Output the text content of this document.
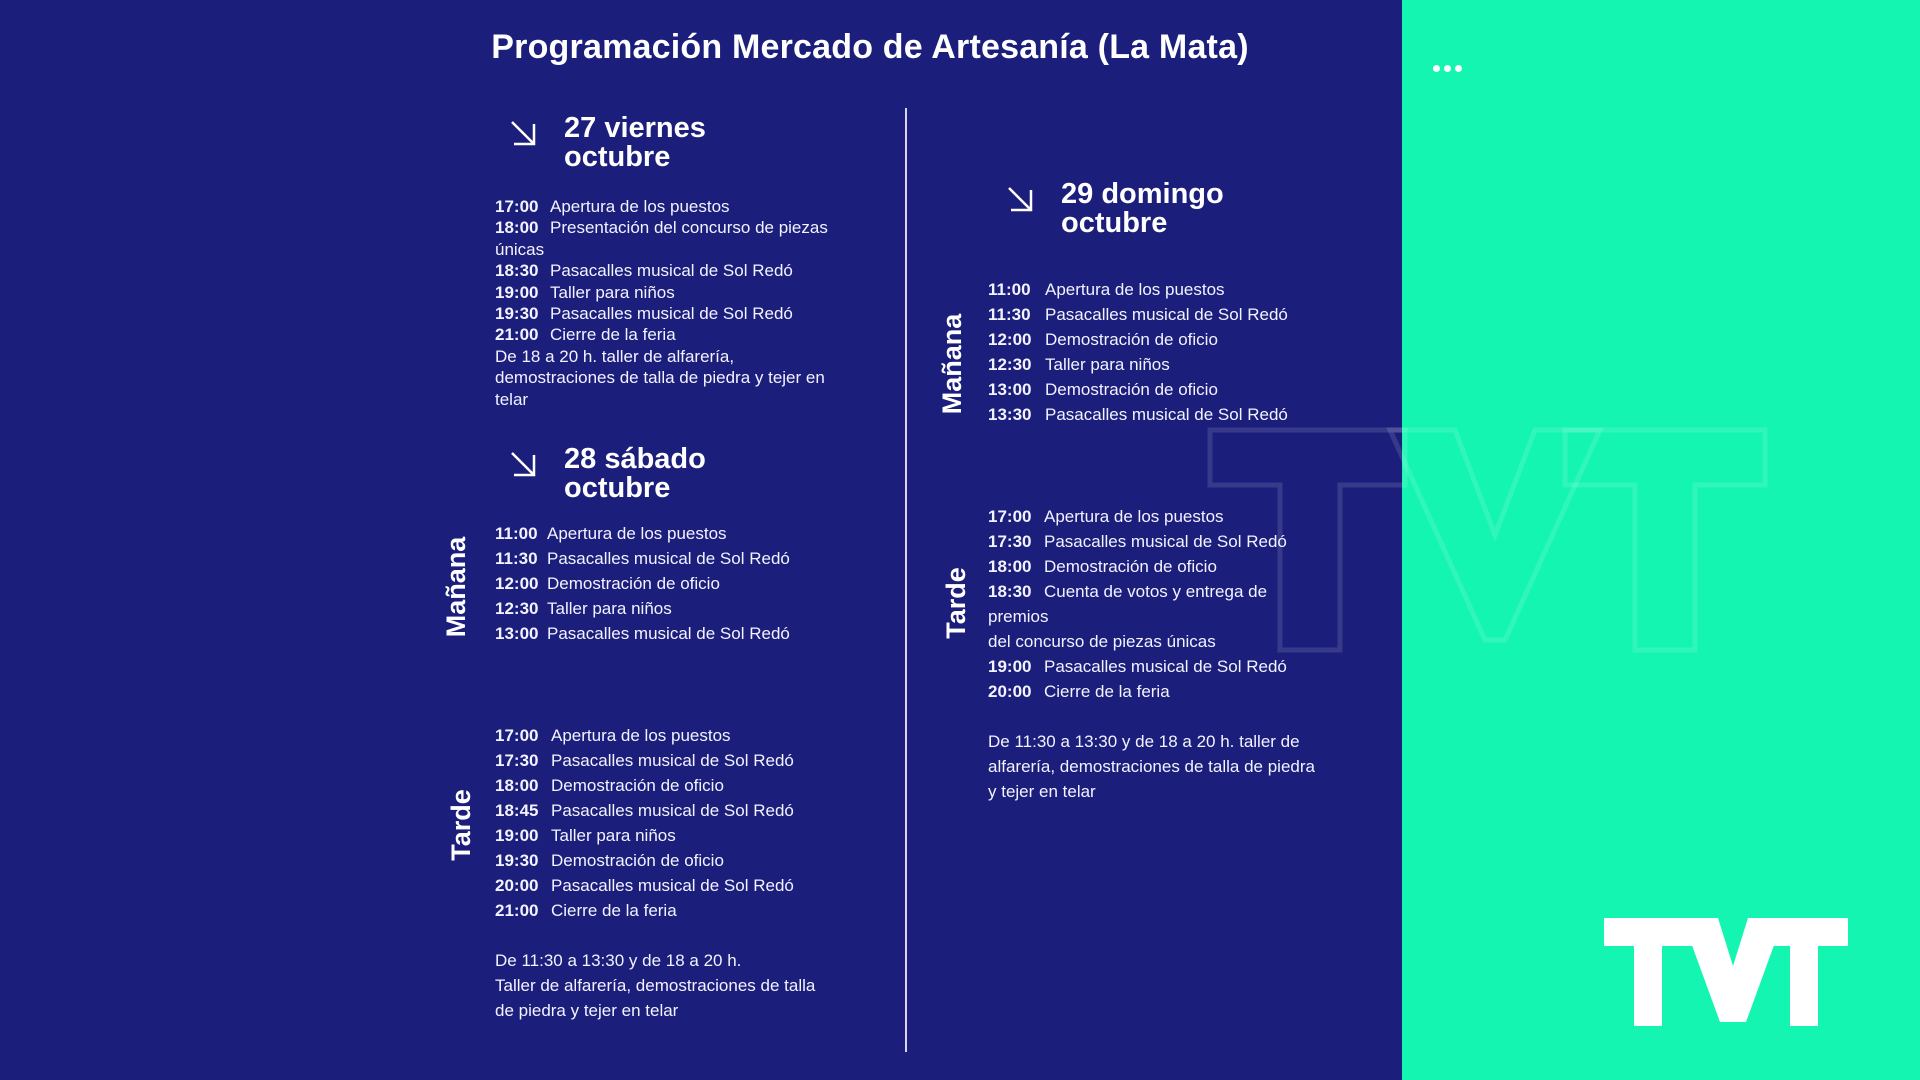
Programación Mercado de Artesanía (La Mata)
27 viernes
octubre
17:00 Apertura de los puestos
18:00 Presentación del concurso de piezas
únicas
18:30 Pasacalles musical de Sol Redó
19:00 Taller para niños
19:30 Pasacalles musical de Sol Redó
21:00 Cierre de la feria
De 18 a 20 h. taller de alfarería,
demostraciones de talla de piedra y tejer en
telar
28 sábado
octubre
Mañana
11:00 Apertura de los puestos
11:30 Pasacalles musical de Sol Redó
12:00 Demostración de oficio
12:30 Taller para niños
13:00 Pasacalles musical de Sol Redó
Tarde
17:00 Apertura de los puestos
17:30 Pasacalles musical de Sol Redó
18:00 Demostración de oficio
18:45 Pasacalles musical de Sol Redó
19:00 Taller para niños
19:30 Demostración de oficio
20:00 Pasacalles musical de Sol Redó
21:00 Cierre de la feria
De 11:30 a 13:30 y de 18 a 20 h.
Taller de alfarería, demostraciones de talla
de piedra y tejer en telar
29 domingo
octubre
Mañana
11:00 Apertura de los puestos
11:30 Pasacalles musical de Sol Redó
12:00 Demostración de oficio
12:30 Taller para niños
13:00 Demostración de oficio
13:30 Pasacalles musical de Sol Redó
Tarde
17:00 Apertura de los puestos
17:30 Pasacalles musical de Sol Redó
18:00 Demostración de oficio
18:30 Cuenta de votos y entrega de
premios
del concurso de piezas únicas
19:00 Pasacalles musical de Sol Redó
20:00 Cierre de la feria
De 11:30 a 13:30 y de 18 a 20 h. taller de
alfarería, demostraciones de talla de piedra
y tejer en telar
